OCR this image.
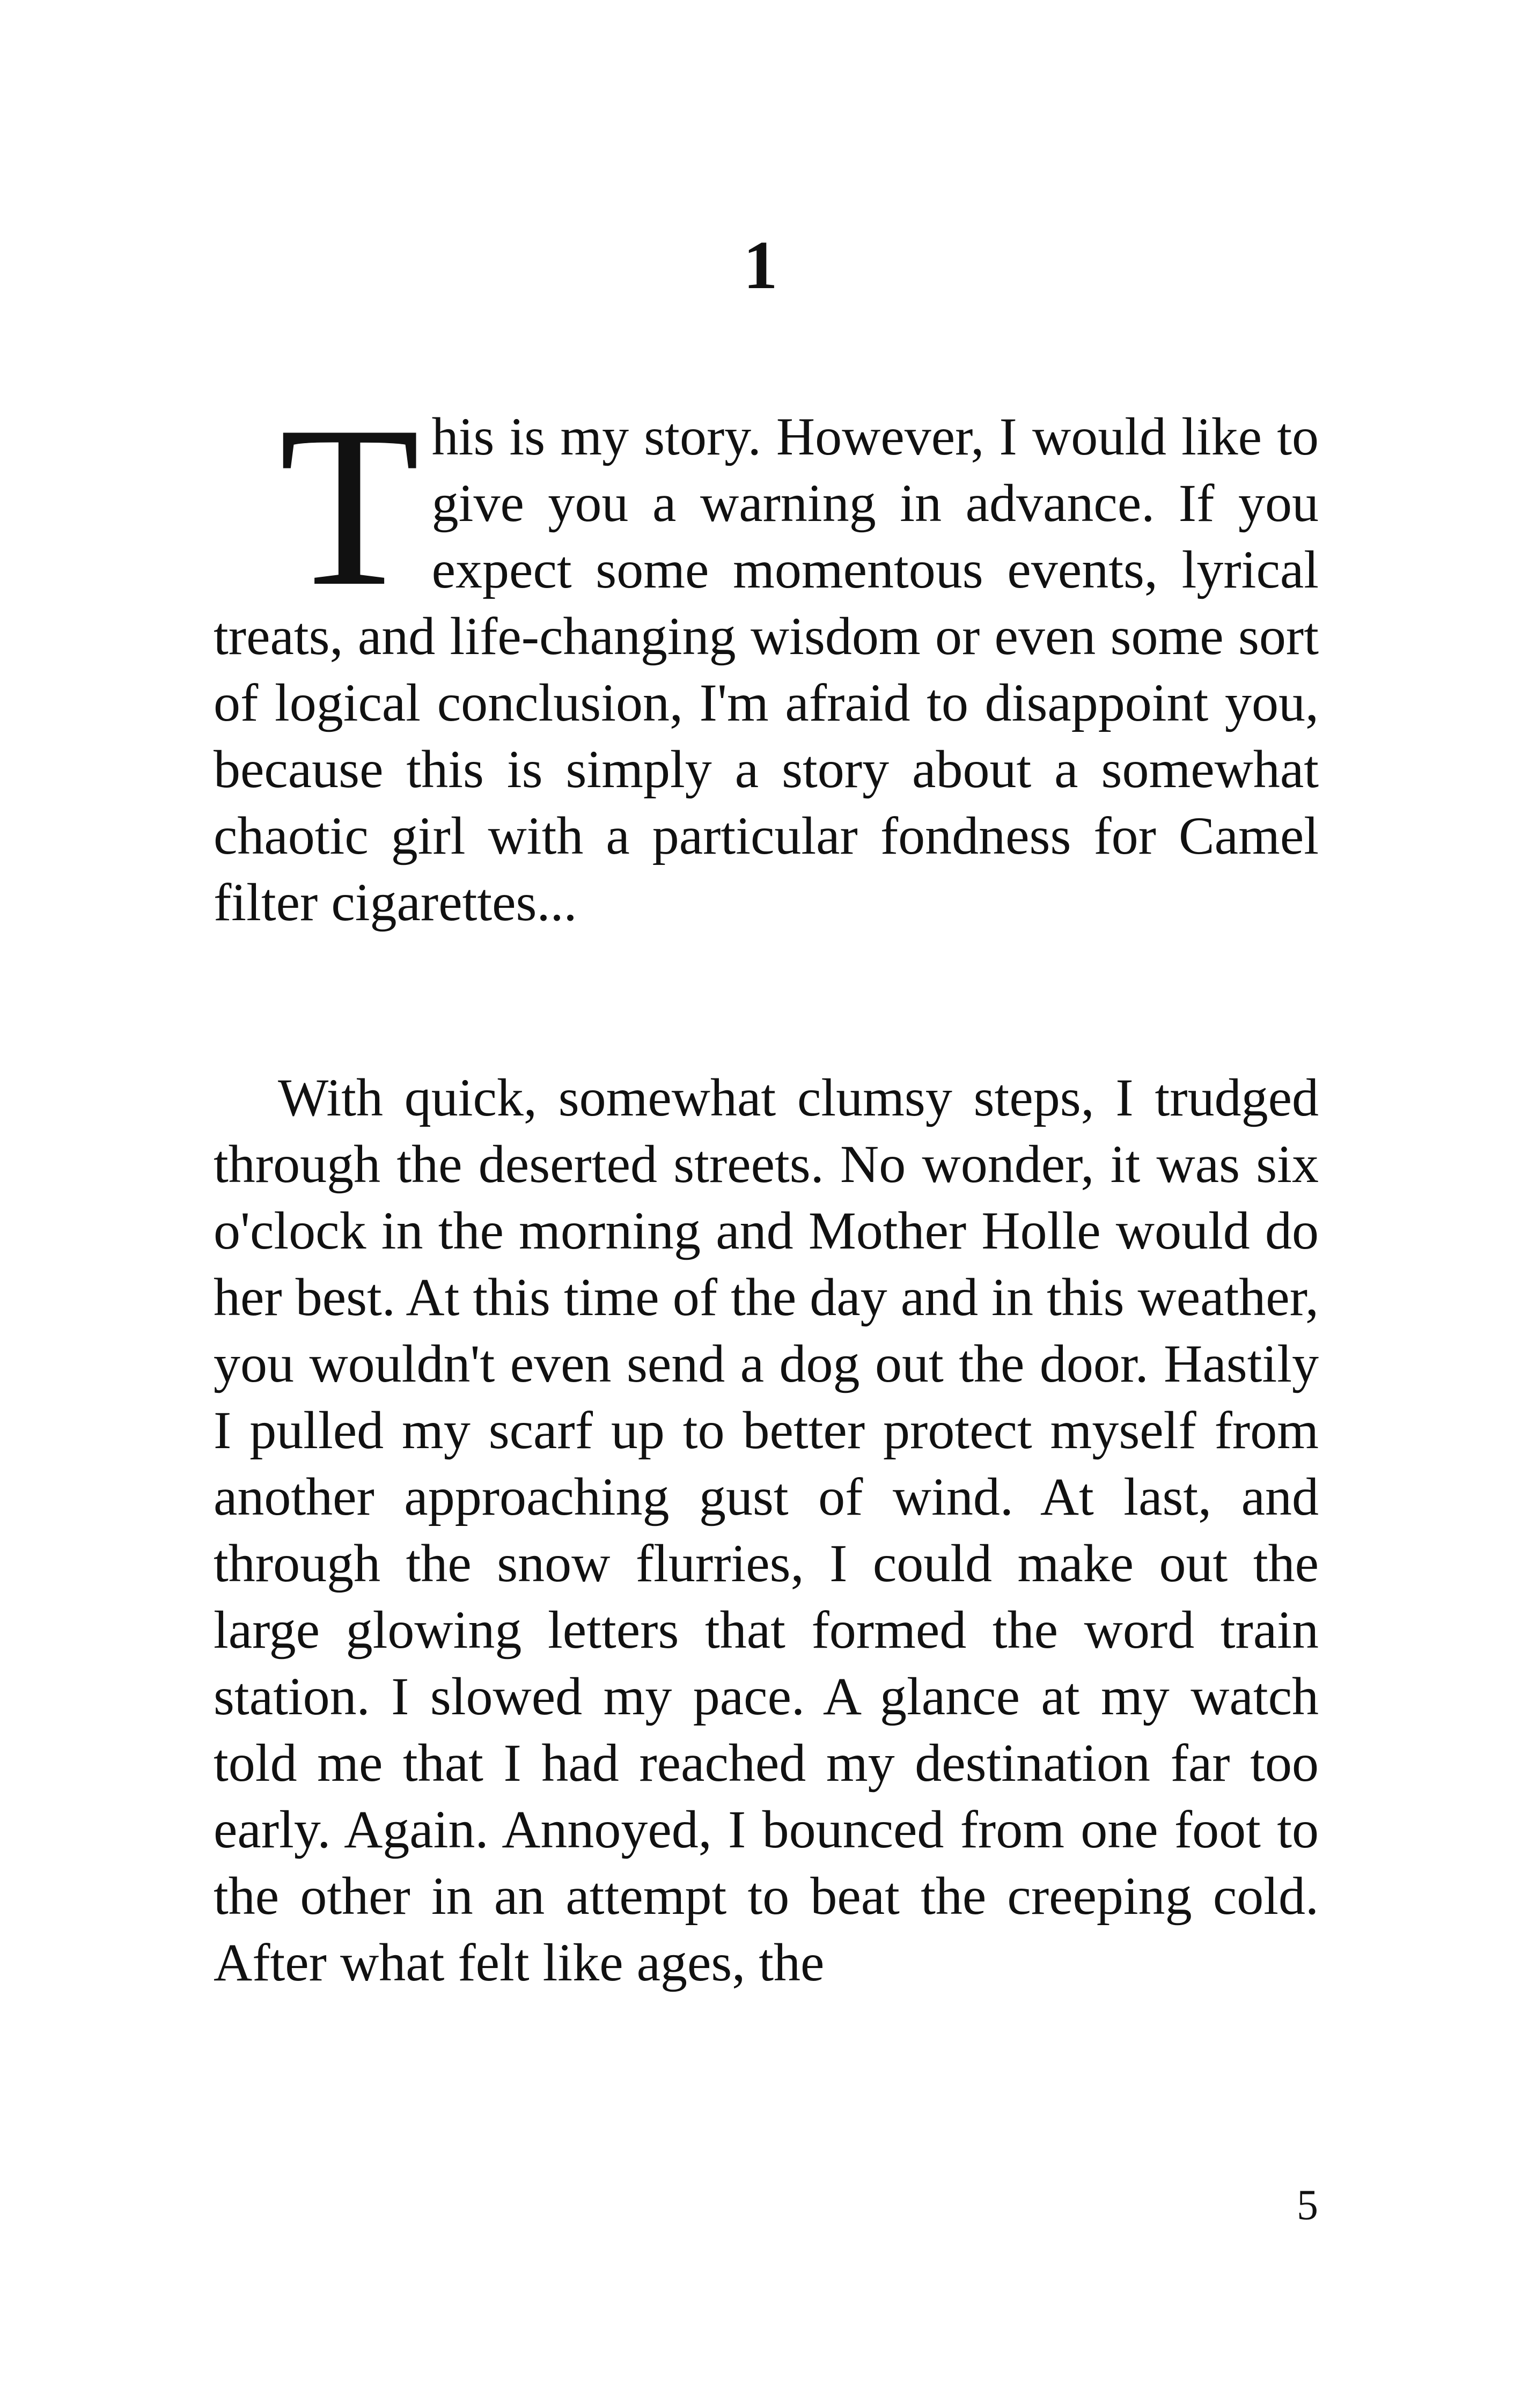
1

This is my story. However, I would like to give you a warning in advance. If you expect some momentous events, lyrical treats, and life-changing wisdom or even some sort of logical conclusion, I'm afraid to disappoint you, because this is simply a story about a somewhat chaotic girl with a particular fondness for Camel filter cigarettes...

With quick, somewhat clumsy steps, I trudged through the deserted streets. No wonder, it was six o'clock in the morning and Mother Holle would do her best. At this time of the day and in this weather, you wouldn't even send a dog out the door. Hastily I pulled my scarf up to better protect myself from another approaching gust of wind. At last, and through the snow flurries, I could make out the large glowing letters that formed the word train station. I slowed my pace. A glance at my watch told me that I had reached my destination far too early. Again. Annoyed, I bounced from one foot to the other in an attempt to beat the creeping cold. After what felt like ages, the

5
